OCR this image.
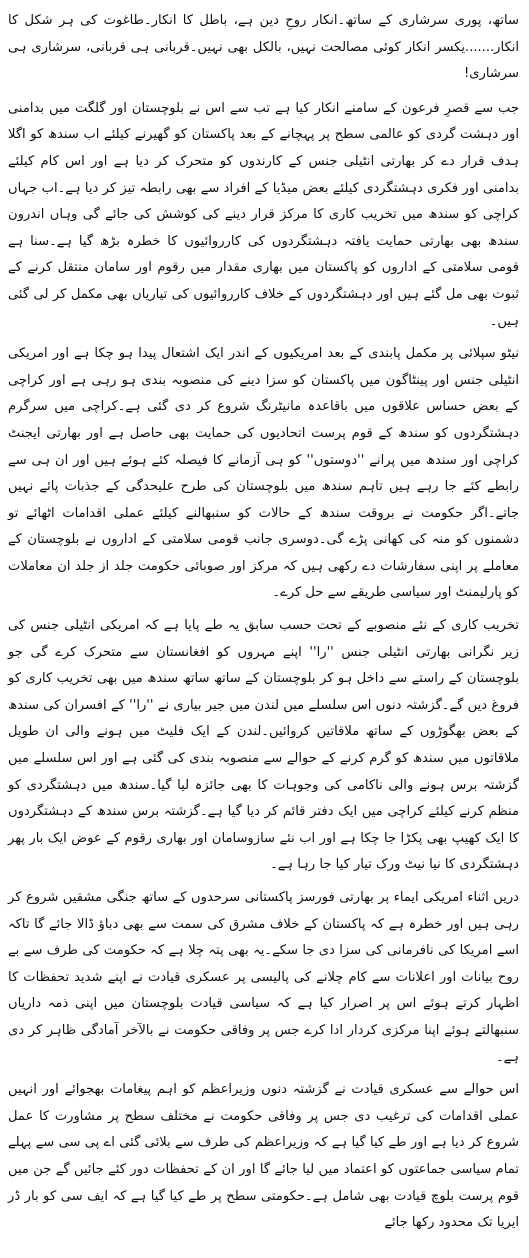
ساتھ، پوری سرشاری کے ساتھ۔انکار روحِ دین ہے، باطل کا انکار۔طاغوت کی ہر شکل کا انکار.......یکسر انکار کوئی مصالحت نہیں، بالکل بھی نہیں۔قربانی ہی قربانی، سرشاری ہی سرشاری!

جب سے قصرِ فرعون کے سامنے انکار کیا ہے تب سے اس نے بلوچستان اور گلگت میں بدامنی اور دہشت گردی کو عالمی سطح پر پہچانے کے بعد پاکستان کو گھیرنے کیلئے اب سندھ کو اگلا ہدف قرار دے کر بھارتی انٹیلی جنس کے کارندوں کو متحرک کر دیا ہے اور اس کام کیلئے بدامنی اور فکری دہشتگردی کیلئے بعض میڈیا کے افراد سے بھی رابطہ تیز کر دیا ہے۔اب جہاں کراچی کو سندھ میں تخریب کاری کا مرکز قرار دینے کی کوشش کی جائے گی وہاں اندرون سندھ بھی بھارتی حمایت یافتہ دہشتگردوں کی کارروائیوں کا خطرہ بڑھ گیا ہے۔سنا ہے قومی سلامتی کے اداروں کو پاکستان میں بھاری مقدار میں رقوم اور سامان منتقل کرنے کے ثبوت بھی مل گئے ہیں اور دہشتگردوں کے خلاف کارروائیوں کی تیاریاں بھی مکمل کر لی گئی ہیں۔

نیٹو سپلائی پر مکمل پابندی کے بعد امریکیوں کے اندر ایک اشتعال پیدا ہو چکا ہے اور امریکی انٹیلی جنس اور پینٹاگون میں پاکستان کو سزا دینے کی منصوبہ بندی ہو رہی ہے اور کراچی کے بعض حساس علاقوں میں باقاعدہ مانیٹرنگ شروع کر دی گئی ہے۔کراچی میں سرگرم دہشتگردوں کو سندھ کے قوم پرست اتحادیوں کی حمایت بھی حاصل ہے اور بھارتی ایجنٹ کراچی اور سندھ میں پرانے ''دوستوں'' کو ہی آزمانے کا فیصلہ کئے ہوئے ہیں اور ان ہی سے رابطے کئے جا رہے ہیں تاہم سندھ میں بلوچستان کی طرح علیحدگی کے جذبات پائے نہیں جاتے۔اگر حکومت نے بروقت سندھ کے حالات کو سنبھالنے کیلئے عملی اقدامات اٹھائے تو دشمنوں کو منہ کی کھانی پڑے گی۔دوسری جانب قومی سلامتی کے اداروں نے بلوچستان کے معاملے پر اپنی سفارشات دے رکھی ہیں کہ مرکز اور صوبائی حکومت جلد از جلد ان معاملات کو پارلیمنٹ اور سیاسی طریقے سے حل کرے۔

تخریب کاری کے نئے منصوبے کے تحت حسب سابق یہ طے پایا ہے کہ امریکی انٹیلی جنس کی زیر نگرانی بھارتی انٹیلی جنس ''را'' اپنے مہروں کو افغانستان سے متحرک کرے گی جو بلوچستان کے راستے سے داخل ہو کر بلوچستان کے ساتھ ساتھ سندھ میں بھی تخریب کاری کو فروغ دیں گے۔گزشتہ دنوں اس سلسلے میں لندن میں جیر بیاری نے ''را'' کے افسران کی سندھ کے بعض بھگوڑوں کے ساتھ ملاقاتیں کروائیں۔لندن کے ایک فلیٹ میں ہونے والی ان طویل ملاقاتوں میں سندھ کو گرم کرنے کے حوالے سے منصوبہ بندی کی گئی ہے اور اس سلسلے میں گزشتہ برس ہونے والی ناکامی کی وجوہات کا بھی جائزہ لیا گیا۔سندھ میں دہشتگردی کو منظم کرنے کیلئے کراچی میں ایک دفتر قائم کر دیا گیا ہے۔گزشتہ برس سندھ کے دہشتگردوں کا ایک کھیپ بھی پکڑا جا چکا ہے اور اب نئے سازوسامان اور بھاری رقوم کے عوض ایک بار پھر دہشتگردی کا نیا نیٹ ورک تیار کیا جا رہا ہے۔

دریں اثناء امریکی ایماء پر بھارتی فورسز پاکستانی سرحدوں کے ساتھ جنگی مشقیں شروع کر رہی ہیں اور خطرہ ہے کہ پاکستان کے خلاف مشرق کی سمت سے بھی دباؤ ڈالا جائے گا تاکہ اسے امریکا کی نافرمانی کی سزا دی جا سکے۔یہ بھی پتہ چلا ہے کہ حکومت کی طرف سے بے روح بیانات اور اعلانات سے کام چلانے کی پالیسی پر عسکری قیادت نے اپنے شدید تحفظات کا اظہار کرتے ہوئے اس پر اصرار کیا ہے کہ سیاسی قیادت بلوچستان میں اپنی ذمہ داریاں سنبھالتے ہوئے اپنا مرکزی کردار ادا کرے جس پر وفاقی حکومت نے بالآخر آمادگی ظاہر کر دی ہے۔

اس حوالے سے عسکری قیادت نے گزشتہ دنوں وزیراعظم کو اہم پیغامات بھجوائے اور انہیں عملی اقدامات کی ترغیب دی جس پر وفاقی حکومت نے مختلف سطح پر مشاورت کا عمل شروع کر دیا ہے اور طے کیا گیا ہے کہ وزیراعظم کی طرف سے بلائی گئی اے پی سی سے پہلے تمام سیاسی جماعتوں کو اعتماد میں لیا جائے گا اور ان کے تحفظات دور کئے جائیں گے جن میں قوم پرست بلوچ قیادت بھی شامل ہے۔حکومتی سطح پر طے کیا گیا ہے کہ ایف سی کو بار ڈر ایریا تک محدود رکھا جائے
